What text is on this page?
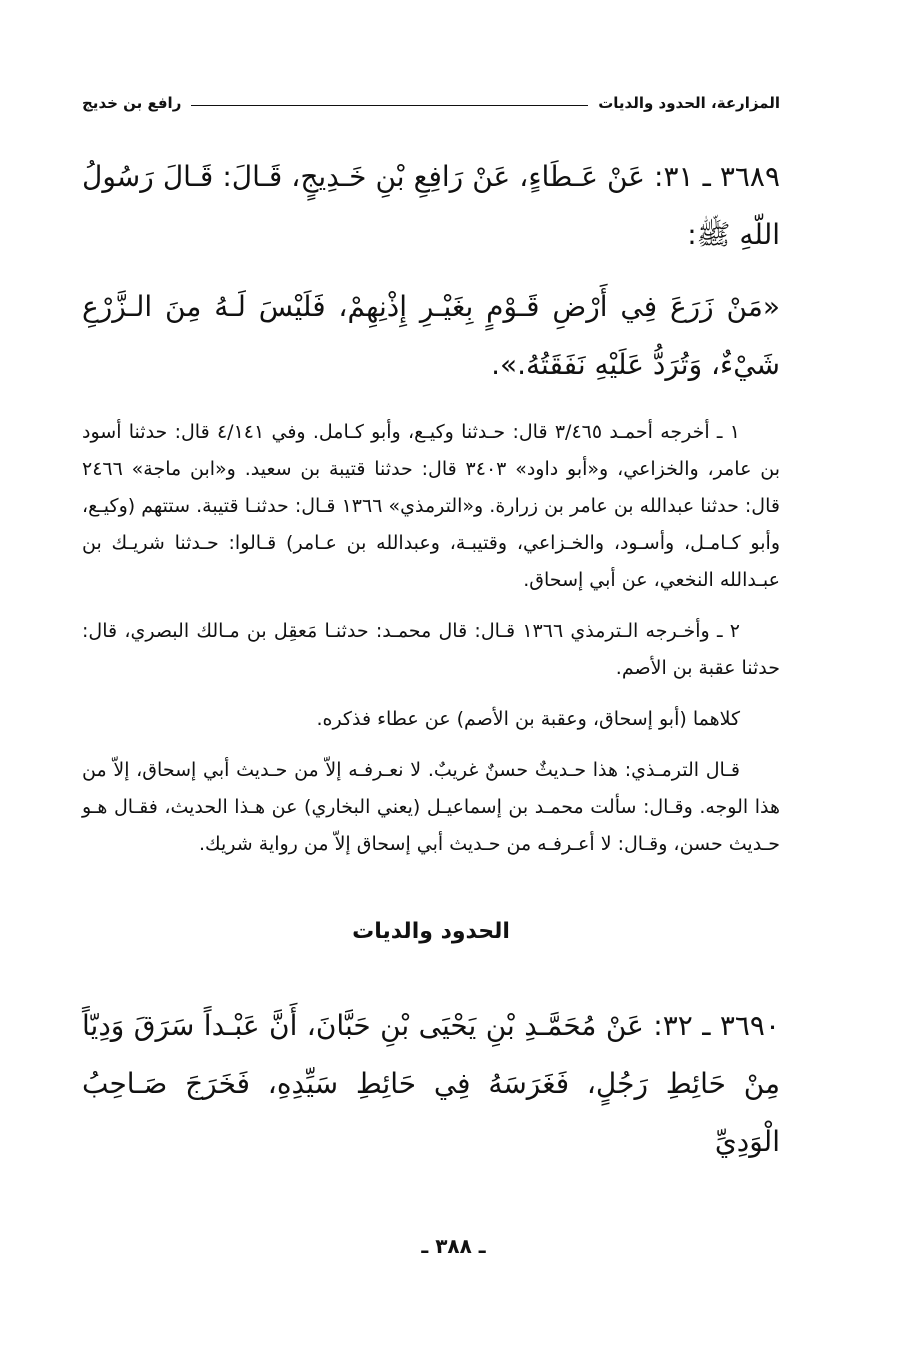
المزارعة، الحدود والديات
رافع بن خديج
٣٦٨٩ ـ ٣١: عَنْ عَـطَاءٍ، عَنْ رَافِعِ بْنِ خَـدِيجٍ، قَـالَ: قَـالَ رَسُولُ اللّهِ ﷺ:
«مَنْ زَرَعَ فِي أَرْضِ قَـوْمٍ بِغَيْـرِ إِذْنِهِمْ، فَلَيْسَ لَـهُ مِنَ الـزَّرْعِ شَيْءٌ، وَتُرَدُّ عَلَيْهِ نَفَقَتُهُ.».

١ ـ أخرجه أحمـد ٣/٤٦٥ قال: حـدثنا وكيـع، وأبو كـامل. وفي ٤/١٤١ قال: حدثنا أسود بن عامر، والخزاعي، و«أبو داود» ٣٤٠٣ قال: حدثنا قتيبة بن سعيد. و«ابن ماجة» ٢٤٦٦ قال: حدثنا عبدالله بن عامر بن زرارة. و«الترمذي» ١٣٦٦ قـال: حدثنـا قتيبة. ستتهم (وكيـع، وأبو كـامـل، وأسـود، والخـزاعي، وقتيبـة، وعبدالله بن عـامر) قـالوا: حـدثنا شريـك بن عبـدالله النخعي، عن أبي إسحاق.

٢ ـ وأخـرجه الـترمذي ١٣٦٦ قـال: قال محمـد: حدثنـا مَعقِل بن مـالك البصري، قال: حدثنا عقبة بن الأصم.

كلاهما (أبو إسحاق، وعقبة بن الأصم) عن عطاء فذكره.

قـال الترمـذي: هذا حـديثٌ حسنٌ غريبٌ. لا نعـرفـه إلاّ من حـديث أبي إسحاق، إلاّ من هذا الوجه. وقـال: سألت محمـد بن إسماعيـل (يعني البخاري) عن هـذا الحديث، فقـال هـو حـديث حسن، وقـال: لا أعـرفـه من حـديث أبي إسحاق إلاّ من رواية شريك.

الحدود والديات
٣٦٩٠ ـ ٣٢: عَنْ مُحَمَّـدِ بْنِ يَحْيَى بْنِ حَبَّانَ، أَنَّ عَبْـداً سَرَقَ وَدِيّاً مِنْ حَائِطِ رَجُلٍ، فَغَرَسَهُ فِي حَائِطِ سَيِّدِهِ، فَخَرَجَ صَـاحِبُ الْوَدِيِّ
ـ ٣٨٨ ـ
